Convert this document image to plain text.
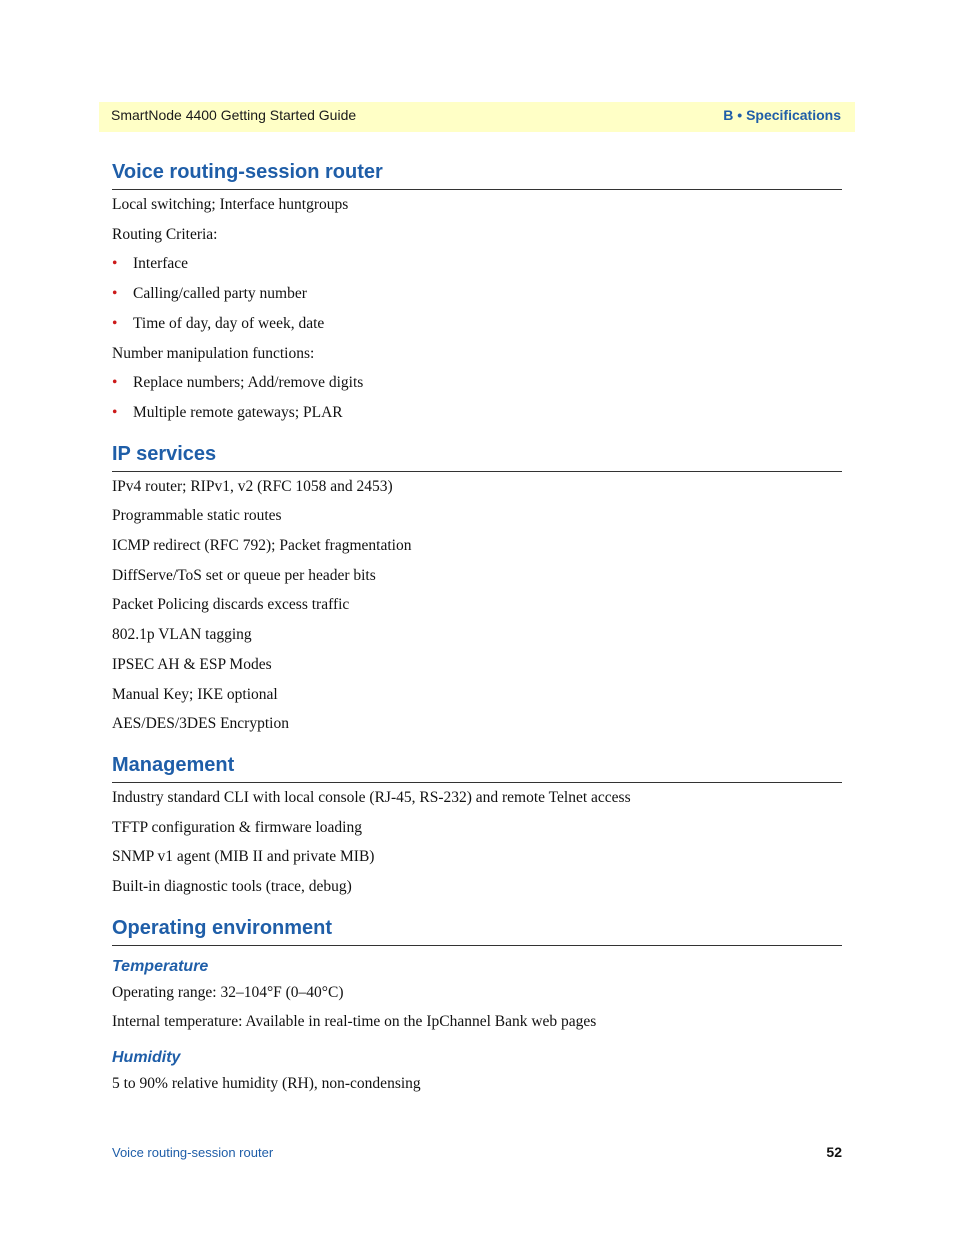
SmartNode 4400 Getting Started Guide	B • Specifications
Voice routing-session router

Local switching; Interface huntgroups

Routing Criteria:

• Interface
• Calling/called party number
• Time of day, day of week, date

Number manipulation functions:

• Replace numbers; Add/remove digits
• Multiple remote gateways; PLAR
IP services

IPv4 router; RIPv1, v2 (RFC 1058 and 2453)

Programmable static routes

ICMP redirect (RFC 792); Packet fragmentation

DiffServe/ToS set or queue per header bits

Packet Policing discards excess traffic

802.1p VLAN tagging

IPSEC AH & ESP Modes

Manual Key; IKE optional

AES/DES/3DES Encryption

Management

Industry standard CLI with local console (RJ-45, RS-232) and remote Telnet access

TFTP configuration & firmware loading

SNMP v1 agent (MIB II and private MIB)

Built-in diagnostic tools (trace, debug)

Operating environment
Temperature

Operating range: 32–104°F (0–40°C)

Internal temperature: Available in real-time on the IpChannel Bank web pages

Humidity

5 to 90% relative humidity (RH), non-condensing

Voice routing-session router	52
